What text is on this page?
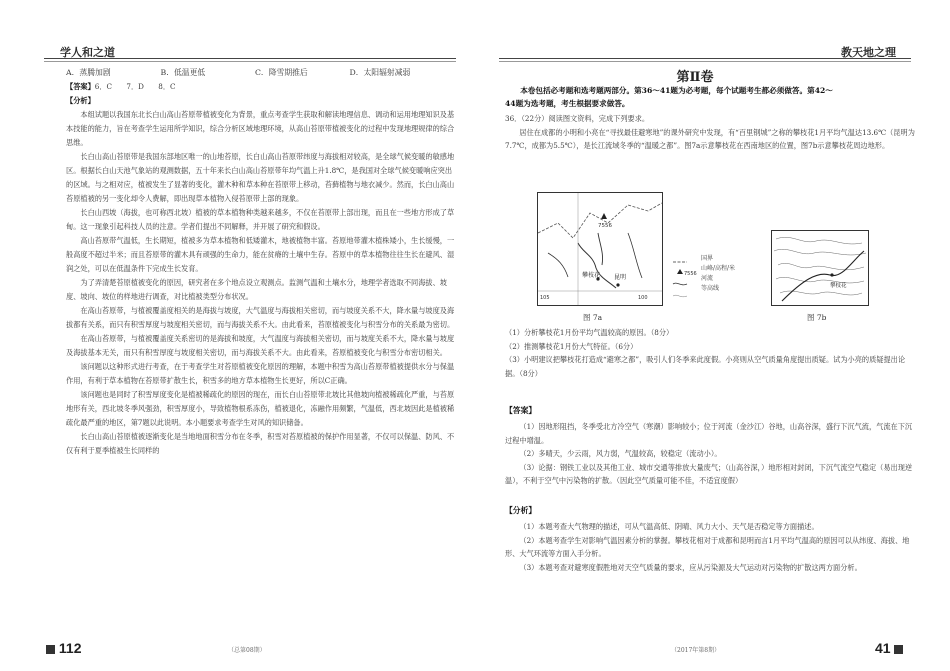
学人和之道
A．蒸腾加剧	B．低温更低	C．降雪期推后	D．太阳辐射减弱
【答案】6．C　　7．D　　8．C
【分析】

本组试题以我国东北长白山高山苔原带植被变化为背景，重点考查学生获取和解读地理信息、调动和运用地理知识及基本技能的能力，旨在考查学生运用所学知识，综合分析区域地理环境，从高山苔原带植被变化的过程中发现地理规律的综合思维。

长白山高山苔原带是我国东部地区唯一的山地苔原，长白山高山苔原带纬度与海拔相对较高，是全球气候变暖的敏感地区。根据长白山天池气象站的观测数据，五十年来长白山高山苔原带年均气温上升1.8℃，是我国对全球气候变暖响应突出的区域。与之相对应，植被发生了显著的变化，灌木种和草本种在苔原带上移动，苔藓植物与地衣减少。然而，长白山高山苔原植被的另一变化却令人费解，即出现草本植物入侵苔原带上部的现象。

长白山西坡（海拔，也可称西北坡）植被的草本植物种类越来越多，不仅在苔原带上部出现，而且在一些地方形成了草甸。这一现象引起科技人员的注意。学者们提出不同解释，并开展了研究和假设。

高山苔原带气温低，生长期短，植被多为草本植物和低矮灌木，地被植物丰富。苔原地带灌木植株矮小，生长缓慢，一般高度不超过半米；而且苔原带的灌木具有顽强的生命力，能在贫瘠的土壤中生存。苔原中的草本植物往往生长在避风、湿润之处，可以在低温条件下完成生长发育。

为了弄清楚苔原植被变化的原因，研究者在多个地点设立观测点。监测气温和土壤水分，地理学者选取不同海拔、坡度、坡向、坡位的样地进行调查，对比植被类型分布状况。

在高山苔原带，与植被覆盖度相关的是海拔与坡度，大气温度与海拔相关密切，而与坡度关系不大，降水量与坡度及海拔都有关系，而只有积雪厚度与坡度相关密切，而与海拔关系不大。由此看来，苔原植被变化与积雪分布的关系最为密切。

在高山苔原带，与植被覆盖度关系密切的是海拔和坡度，大气温度与海拔相关密切，而与坡度关系不大，降水量与坡度及海拔基本无关，而只有积雪厚度与坡度相关密切，而与海拔关系不大。由此看来，苔原植被变化与积雪分布密切相关。

该问题以这种形式进行考查，在于考查学生对苔原植被变化原因的理解，本题中积雪为高山苔原带植被提供水分与保温作用，有利于草本植物在苔原带扩散生长，积雪多的地方草本植物生长更好，所以C正确。

该问题也是同时了积雪厚度变化是植被稀疏化的原因的现在，而长白山苔原带北坡比其他坡向植被稀疏化严重，与苔原地形有关，西北坡冬季风强劲，积雪厚度小，导致植物根系冻伤，植被退化，冻融作用频繁，气温低，西北坡因此是植被稀疏化最严重的地区，第7题以此说明。本小题要求考查学生对风的知识储备。

长白山高山苔原植被逐渐变化是当地地面积雪分布在冬季，积雪对苔原植被的保护作用显著，不仅可以保温、防风、不仅有利于夏季植被生长同样的

112	（总第08期）
教天地之理
第Ⅱ卷
本卷包括必考题和选考题两部分。第36～41题为必考题，每个试题考生都必须做答。第42～
44题为选考题，考生根据要求做答。
36．（22分）阅读图文资料，完成下列要求。

居住在成都的小明和小亮在“寻找最佳避寒地”的课外研究中发现，有“百里钢城”之称的攀枝花1月平均气温达13.6℃（昆明为7.7℃，成都为5.5℃），是长江流域冬季的“温暖之都”。图7a示意攀枝花在西南地区的位置，图7b示意攀枝花周边地形。

7556
攀枝花 昆明
105	100
7556
国界
山峰/高程/米
河流
等高线	攀枝花
图 7a	图 7b
（1）分析攀枝花1月份平均气温较高的原因。（8分）
（2）推测攀枝花1月份大气特征。（6分）
（3）小明建议把攀枝花打造成“避寒之都”，吸引人们冬季来此度假。小亮则从空气质量角度提出质疑。试为小亮的质疑提出论据。（8分）
【答案】

（1）因地形阻挡，冬季受北方冷空气（寒潮）影响较小；位于河流（金沙江）谷地，山高谷深，盛行下沉气流，气流在下沉过程中增温。

（2）多晴天，少云雨，风力弱，气温较高，较稳定（流动小）。

（3）论据：钢铁工业以及其他工业、城市交通等排放大量废气；（山高谷深，）地形相对封闭，下沉气流空气稳定（易出现逆温），不利于空气中污染物的扩散。（因此空气质量可能不佳，不适宜度假）

【分析】

（1）本题考查大气物理的描述，可从气温高低、阴晴、风力大小、天气是否稳定等方面描述。

（2）本题考查学生对影响气温因素分析的掌握。攀枝花相对于成都和昆明而言1月平均气温高的原因可以从纬度、海拔、地形、大气环流等方面入手分析。

（3）本题考查对避寒度假胜地对天空气质量的要求，应从污染源及大气运动对污染物的扩散这两方面分析。

41
（2017年第8期）
